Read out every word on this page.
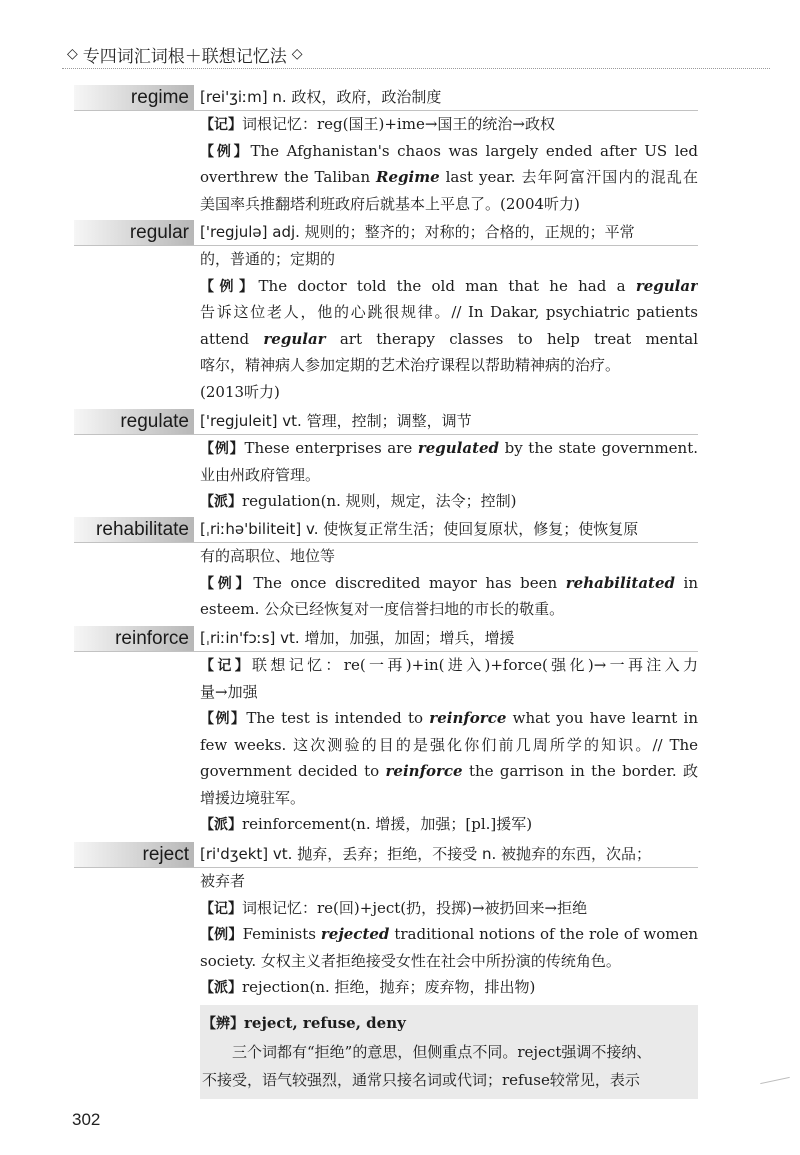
◇ 专四词汇词根＋联想记忆法 ◇
regime [rei'ʒiːm] n. 政权，政府，政治制度
【记】词根记忆：reg(国王)+ime→国王的统治→政权
【例】The Afghanistan's chaos was largely ended after US led
overthrew the Taliban Regime last year. 去年阿富汗国内的混乱在
美国率兵推翻塔利班政府后就基本上平息了。(2004听力)
regular ['regjulə] adj. 规则的；整齐的；对称的；合格的，正规的；平常
的，普通的；定期的
【例】The doctor told the old man that he had a regular
告诉这位老人，他的心跳很规律。// In Dakar, psychiatric patients
attend regular art therapy classes to help treat mental
喀尔，精神病人参加定期的艺术治疗课程以帮助精神病的治疗。
(2013听力)
regulate ['regjuleit] vt. 管理，控制；调整，调节
【例】These enterprises are regulated by the state government.
业由州政府管理。
【派】regulation(n. 规则，规定，法令；控制)
rehabilitate [ˌriːhə'biliteit] v. 使恢复正常生活；使回复原状，修复；使恢复原
有的高职位、地位等
【例】The once discredited mayor has been rehabilitated in
esteem. 公众已经恢复对一度信誉扫地的市长的敬重。
reinforce [ˌriːin'fɔːs] vt. 增加，加强，加固；增兵，增援
【记】联想记忆：re(一再)+in(进入)+force(强化)→一再注入力
量→加强
【例】The test is intended to reinforce what you have learnt in
few weeks. 这次测验的目的是强化你们前几周所学的知识。// The
government decided to reinforce the garrison in the border. 政
增援边境驻军。
【派】reinforcement(n. 增援，加强；[pl.]援军)
reject [ri'dʒekt] vt. 抛弃，丢弃；拒绝，不接受 n. 被抛弃的东西，次品；
被弃者
【记】词根记忆：re(回)+ject(扔，投掷)→被扔回来→拒绝
【例】Feminists rejected traditional notions of the role of women
society. 女权主义者拒绝接受女性在社会中所扮演的传统角色。
【派】rejection(n. 拒绝，抛弃；废弃物，排出物)
【辨】reject, refuse, deny
三个词都有“拒绝”的意思，但侧重点不同。reject强调不接纳、
不接受，语气较强烈，通常只接名词或代词；refuse较常见，表示
302
